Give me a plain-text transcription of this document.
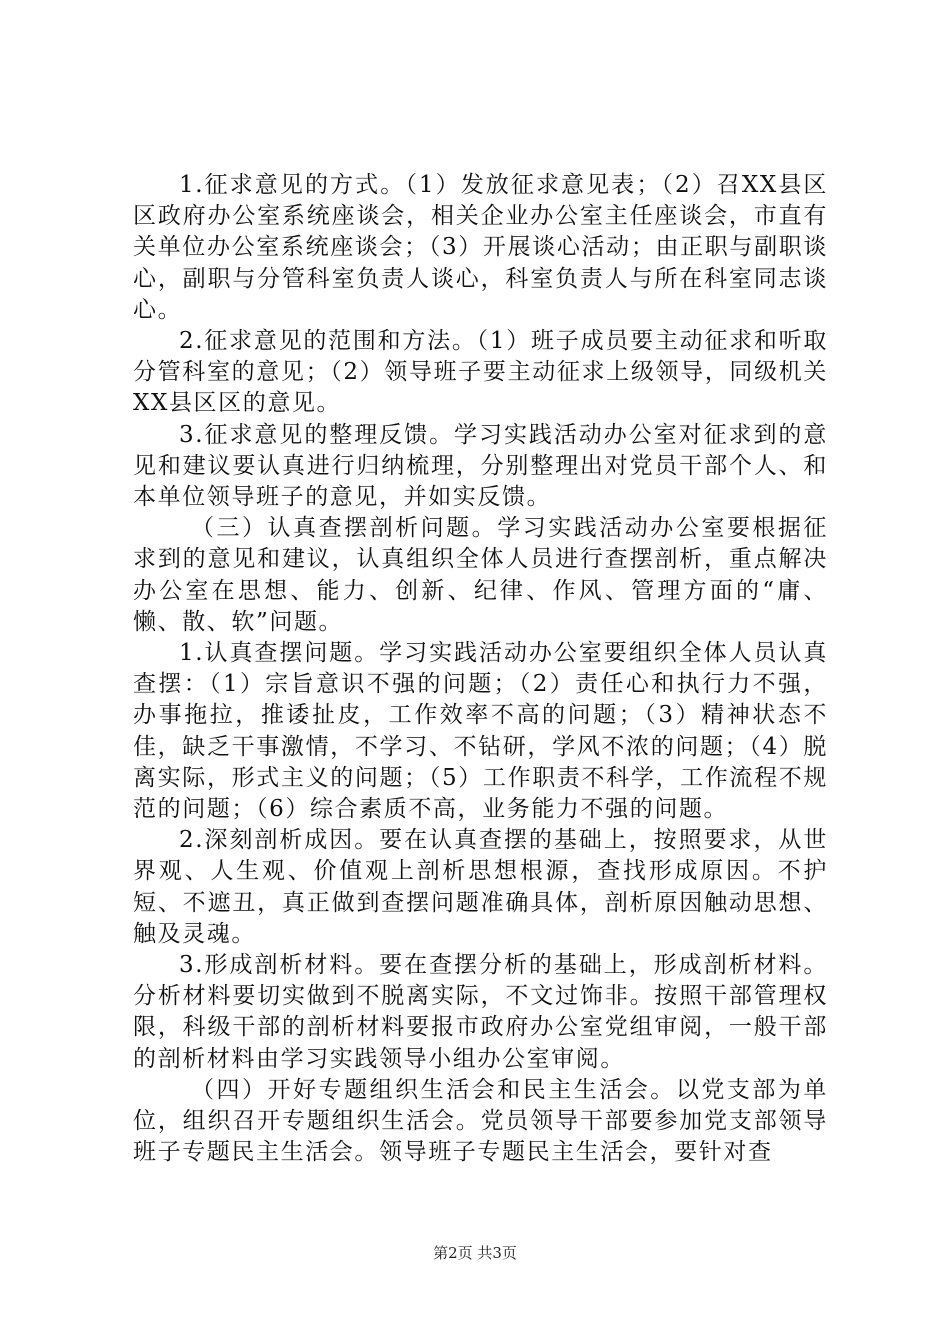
1.征求意见的方式。（1）发放征求意见表；（2）召XX县区区政府办公室系统座谈会，相关企业办公室主任座谈会，市直有关单位办公室系统座谈会；（3）开展谈心活动；由正职与副职谈心，副职与分管科室负责人谈心，科室负责人与所在科室同志谈心。

2.征求意见的范围和方法。（1）班子成员要主动征求和听取分管科室的意见；（2）领导班子要主动征求上级领导，同级机关XX县区区的意见。

3.征求意见的整理反馈。学习实践活动办公室对征求到的意见和建议要认真进行归纳梳理，分别整理出对党员干部个人、和本单位领导班子的意见，并如实反馈。

（三）认真查摆剖析问题。学习实践活动办公室要根据征求到的意见和建议，认真组织全体人员进行查摆剖析，重点解决办公室在思想、能力、创新、纪律、作风、管理方面的“庸、懒、散、软”问题。

1.认真查摆问题。学习实践活动办公室要组织全体人员认真查摆：（1）宗旨意识不强的问题；（2）责任心和执行力不强，办事拖拉，推诿扯皮，工作效率不高的问题；（3）精神状态不佳，缺乏干事激情，不学习、不钻研，学风不浓的问题；（4）脱离实际，形式主义的问题；（5）工作职责不科学，工作流程不规范的问题；（6）综合素质不高，业务能力不强的问题。

2.深刻剖析成因。要在认真查摆的基础上，按照要求，从世界观、人生观、价值观上剖析思想根源，查找形成原因。不护短、不遮丑，真正做到查摆问题准确具体，剖析原因触动思想、触及灵魂。

3.形成剖析材料。要在查摆分析的基础上，形成剖析材料。分析材料要切实做到不脱离实际，不文过饰非。按照干部管理权限，科级干部的剖析材料要报市政府办公室党组审阅，一般干部的剖析材料由学习实践领导小组办公室审阅。

（四）开好专题组织生活会和民主生活会。以党支部为单位，组织召开专题组织生活会。党员领导干部要参加党支部领导班子专题民主生活会。领导班子专题民主生活会，要针对查

第2页 共3页
